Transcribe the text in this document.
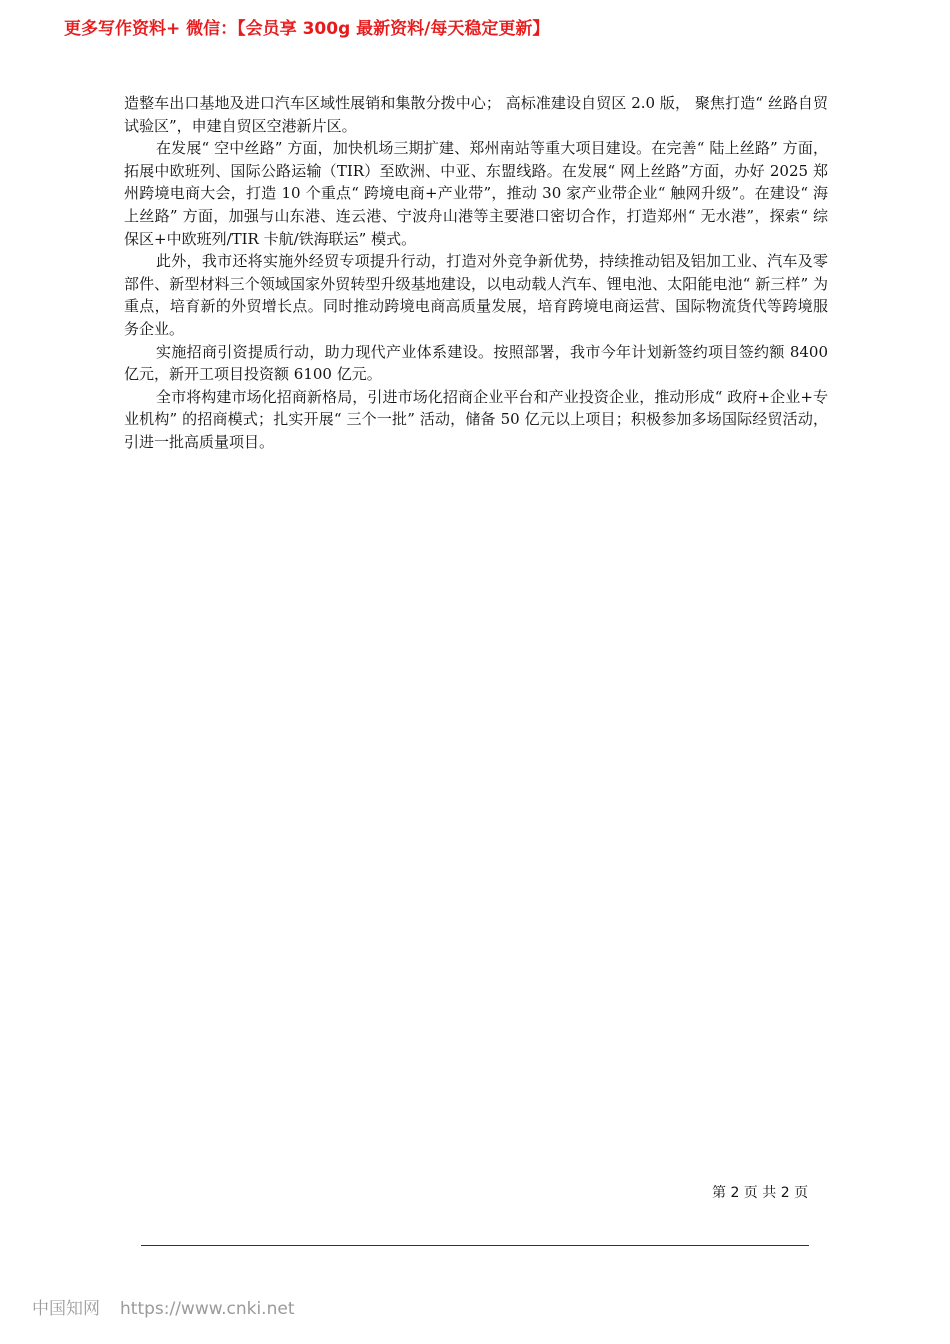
更多写作资料+ 微信：【会员享 300g 最新资料/每天稳定更新】

造整车出口基地及进口汽车区域性展销和集散分拨中心； 高标准建设自贸区 2.0 版， 聚焦打造“ 丝路自贸试验区”，申建自贸区空港新片区。

在发展“ 空中丝路” 方面，加快机场三期扩建、郑州南站等重大项目建设。在完善“ 陆上丝路” 方面，拓展中欧班列、国际公路运输（TIR）至欧洲、中亚、东盟线路。在发展“ 网上丝路”方面，办好 2025 郑州跨境电商大会，打造 10 个重点“ 跨境电商+产业带”，推动 30 家产业带企业“ 触网升级”。在建设“ 海上丝路” 方面，加强与山东港、连云港、宁波舟山港等主要港口密切合作，打造郑州“ 无水港”，探索“ 综保区+中欧班列/TIR 卡航/铁海联运” 模式。

此外，我市还将实施外经贸专项提升行动，打造对外竞争新优势，持续推动铝及铝加工业、汽车及零部件、新型材料三个领域国家外贸转型升级基地建设，以电动载人汽车、锂电池、太阳能电池“ 新三样” 为重点，培育新的外贸增长点。同时推动跨境电商高质量发展，培育跨境电商运营、国际物流货代等跨境服务企业。

实施招商引资提质行动，助力现代产业体系建设。按照部署，我市今年计划新签约项目签约额 8400 亿元，新开工项目投资额 6100 亿元。

全市将构建市场化招商新格局，引进市场化招商企业平台和产业投资企业，推动形成“ 政府+企业+专业机构” 的招商模式；扎实开展“ 三个一批” 活动，储备 50 亿元以上项目；积极参加多场国际经贸活动，引进一批高质量项目。

第 2 页 共 2 页
中国知网 https://www.cnki.net
